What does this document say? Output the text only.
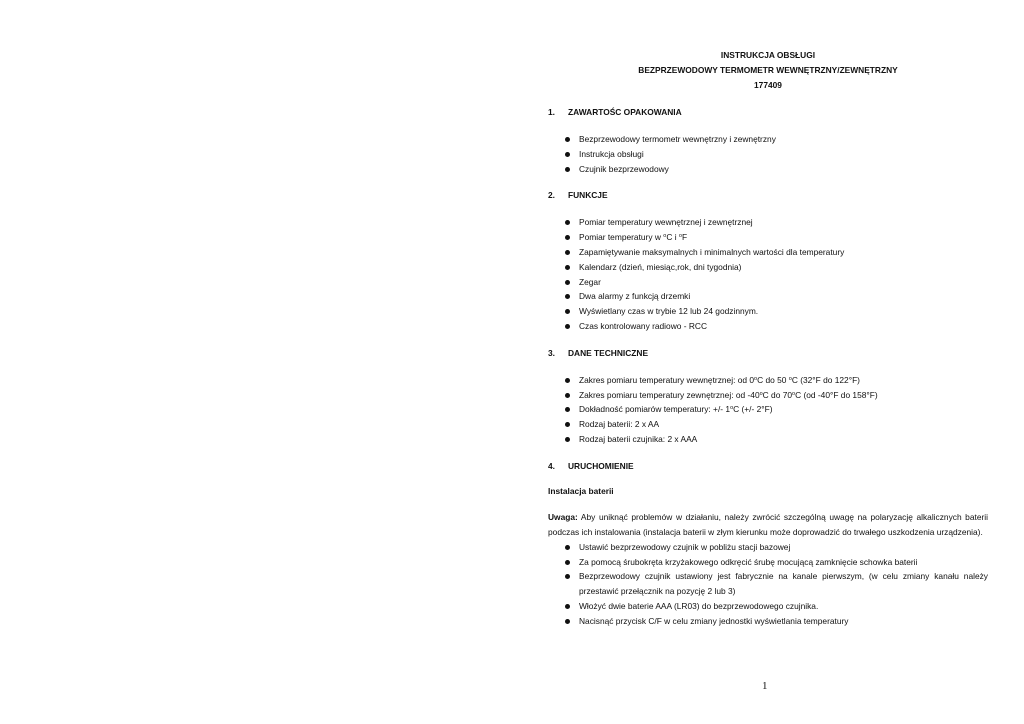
INSTRUKCJA OBSŁUGI
BEZPRZEWODOWY TERMOMETR WEWNĘTRZNY/ZEWNĘTRZNY
177409
1.	ZAWARTOŚC OPAKOWANIA
Bezprzewodowy termometr wewnętrzny i zewnętrzny
Instrukcja obsługi
Czujnik bezprzewodowy
2.	FUNKCJE
Pomiar temperatury wewnętrznej i zewnętrznej
Pomiar temperatury w $^o$C i $^o$F
Zapamiętywanie maksymalnych i minimalnych wartości dla temperatury
Kalendarz (dzień, miesiąc,rok, dni tygodnia)
Zegar
Dwa alarmy z funkcją drzemki
Wyświetlany czas w trybie 12 lub 24 godzinnym.
Czas kontrolowany radiowo - RCC
3.	DANE TECHNICZNE
Zakres pomiaru temperatury wewnętrznej: od 0$^o$C do 50 $^o$C (32°F do 122°F)
Zakres pomiaru temperatury zewnętrznej: od -40$^o$C do 70$^o$C (od -40°F do 158°F)
Dokładność pomiarów temperatury: +/- 1$^o$C (+/- 2°F)
Rodzaj baterii: 2 x AA
Rodzaj baterii czujnika: 2 x AAA
4.	URUCHOMIENIE
Instalacja baterii
Uwaga: Aby uniknąć problemów w działaniu, należy zwrócić szczególną uwagę na polaryzację alkalicznych baterii podczas ich instalowania (instalacja baterii w złym kierunku może doprowadzić do trwałego uszkodzenia urządzenia).
Ustawić bezprzewodowy czujnik w pobliżu stacji bazowej
Za pomocą śrubokręta krzyżakowego odkręcić śrubę mocującą zamknięcie schowka baterii
Bezprzewodowy czujnik ustawiony jest fabrycznie na kanale pierwszym, (w celu zmiany kanału należy przestawić przełącznik na pozycję 2 lub 3)
Włożyć dwie baterie AAA (LR03) do bezprzewodowego czujnika.
Nacisnąć przycisk C/F w celu zmiany jednostki wyświetlania temperatury
1
